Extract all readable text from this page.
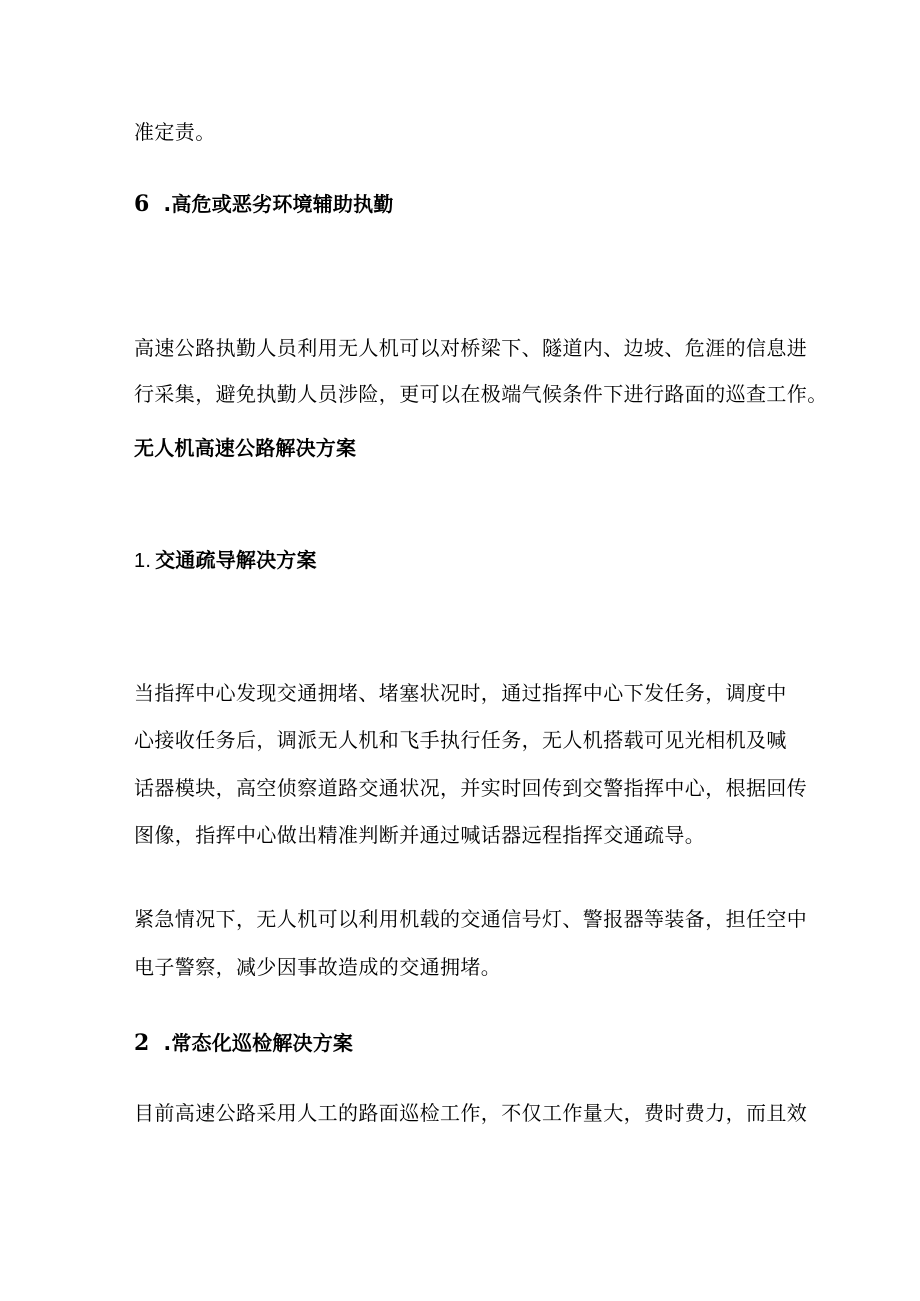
准定责。
6 .高危或恶劣环境辅助执勤
高速公路执勤人员利用无人机可以对桥梁下、隧道内、边坡、危涯的信息进
行采集，避免执勤人员涉险，更可以在极端气候条件下进行路面的巡查工作。
无人机高速公路解决方案
1. 交通疏导解决方案
当指挥中心发现交通拥堵、堵塞状况时，通过指挥中心下发任务，调度中
心接收任务后，调派无人机和飞手执行任务，无人机搭载可见光相机及喊
话器模块，高空侦察道路交通状况，并实时回传到交警指挥中心，根据回传
图像，指挥中心做出精准判断并通过喊话器远程指挥交通疏导。
紧急情况下，无人机可以利用机载的交通信号灯、警报器等装备，担任空中
电子警察，减少因事故造成的交通拥堵。
2 .常态化巡检解决方案
目前高速公路采用人工的路面巡检工作，不仅工作量大，费时费力，而且效
